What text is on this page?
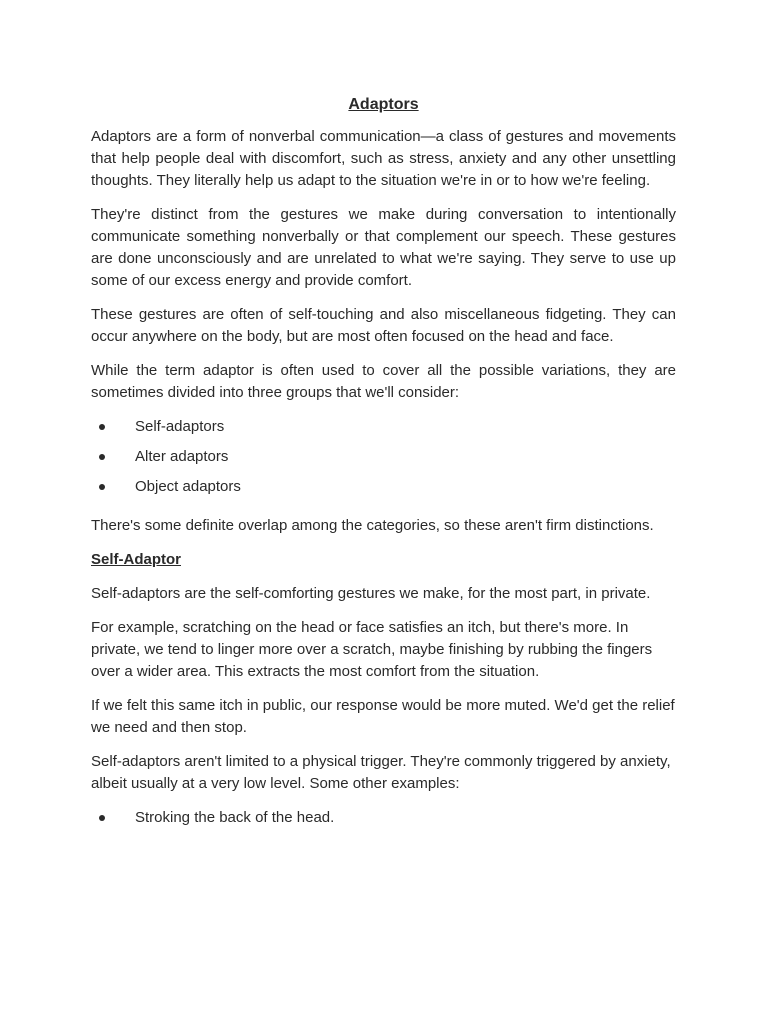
Adaptors

Adaptors are a form of nonverbal communication—a class of gestures and movements that help people deal with discomfort, such as stress, anxiety and any other unsettling thoughts. They literally help us adapt to the situation we're in or to how we're feeling.

They're distinct from the gestures we make during conversation to intentionally communicate something nonverbally or that complement our speech. These gestures are done unconsciously and are unrelated to what we're saying. They serve to use up some of our excess energy and provide comfort.

These gestures are often of self-touching and also miscellaneous fidgeting. They can occur anywhere on the body, but are most often focused on the head and face.

While the term adaptor is often used to cover all the possible variations, they are sometimes divided into three groups that we'll consider:

Self-adaptors
Alter adaptors
Object adaptors

There's some definite overlap among the categories, so these aren't firm distinctions.

Self-Adaptor

Self-adaptors are the self-comforting gestures we make, for the most part, in private.

For example, scratching on the head or face satisfies an itch, but there's more. In private, we tend to linger more over a scratch, maybe finishing by rubbing the fingers over a wider area. This extracts the most comfort from the situation.

If we felt this same itch in public, our response would be more muted. We'd get the relief we need and then stop.

Self-adaptors aren't limited to a physical trigger. They're commonly triggered by anxiety, albeit usually at a very low level. Some other examples:

Stroking the back of the head.
